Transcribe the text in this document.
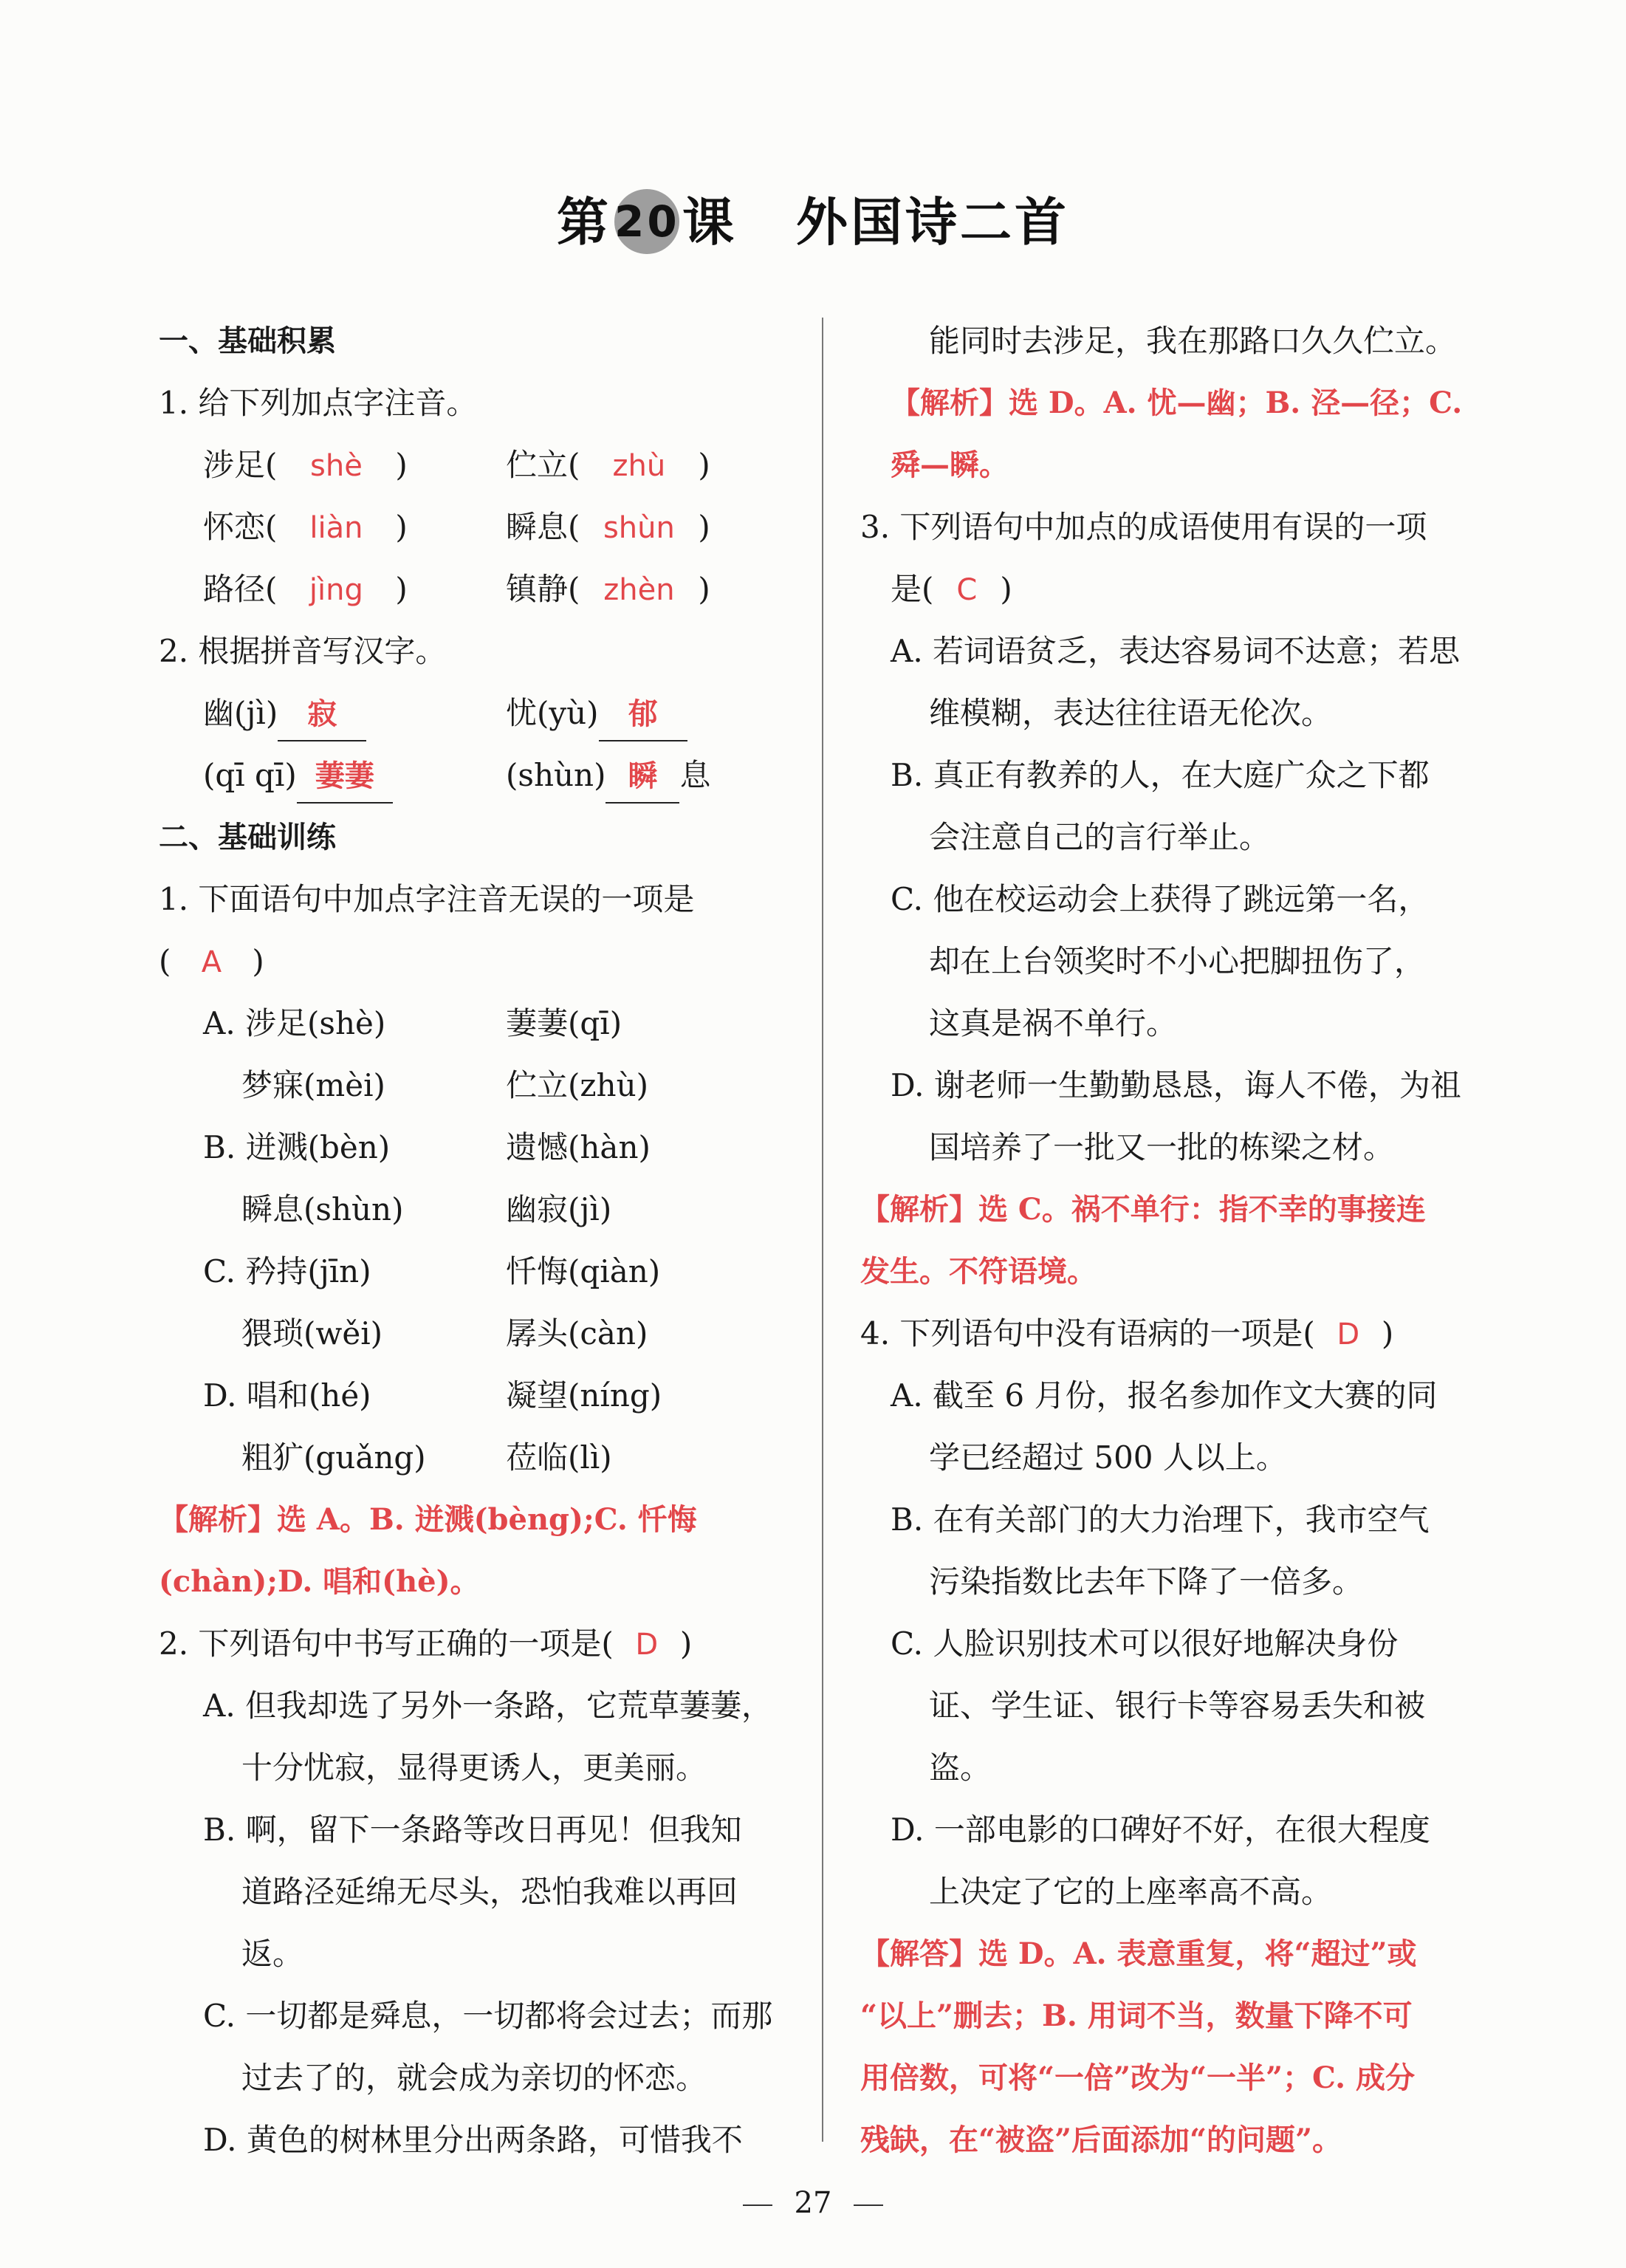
第20课 外国诗二首
一、基础积累
1. 给下列加点字注音。
涉足( shè )	伫立( zhù )
怀恋( liàn )	瞬息( shùn )
路径( jìng )	镇静( zhèn )
2. 根据拼音写汉字。
幽(jì) 寂	忧(yù) 郁
(qī qī) 萋萋	(shùn) 瞬 息
二、基础训练
1. 下面语句中加点字注音无误的一项是
( A )
A. 涉足(shè)	萋萋(qī)
梦寐(mèi)	伫立(zhù)
B. 迸溅(bèn)	遗憾(hàn)
瞬息(shùn)	幽寂(jì)
C. 矜持(jīn)	忏悔(qiàn)
猥琐(wěi)	孱头(càn)
D. 唱和(hé)	凝望(níng)
粗犷(guǎng)	莅临(lì)
【解析】选 A。B. 迸溅(bèng);C. 忏悔
(chàn);D. 唱和(hè)。
2. 下列语句中书写正确的一项是( D )
A. 但我却选了另外一条路，它荒草萋萋，
十分忧寂，显得更诱人，更美丽。
B. 啊，留下一条路等改日再见！但我知
道路泾延绵无尽头，恐怕我难以再回
返。
C. 一切都是舜息，一切都将会过去；而那
过去了的，就会成为亲切的怀恋。
D. 黄色的树林里分出两条路，可惜我不
能同时去涉足，我在那路口久久伫立。
【解析】选 D。A. 忧—幽；B. 泾—径；C.
舜—瞬。
3. 下列语句中加点的成语使用有误的一项
是( C )
A. 若词语贫乏，表达容易词不达意；若思
维模糊，表达往往语无伦次。
B. 真正有教养的人，在大庭广众之下都
会注意自己的言行举止。
C. 他在校运动会上获得了跳远第一名，
却在上台领奖时不小心把脚扭伤了，
这真是祸不单行。
D. 谢老师一生勤勤恳恳，诲人不倦，为祖
国培养了一批又一批的栋梁之材。
【解析】选 C。祸不单行：指不幸的事接连
发生。不符语境。
4. 下列语句中没有语病的一项是( D )
A. 截至 6 月份，报名参加作文大赛的同
学已经超过 500 人以上。
B. 在有关部门的大力治理下，我市空气
污染指数比去年下降了一倍多。
C. 人脸识别技术可以很好地解决身份
证、学生证、银行卡等容易丢失和被
盗。
D. 一部电影的口碑好不好，在很大程度
上决定了它的上座率高不高。
【解答】选 D。A. 表意重复，将“超过”或
“以上”删去；B. 用词不当，数量下降不可
用倍数，可将“一倍”改为“一半”；C. 成分
残缺，在“被盗”后面添加“的问题”。
27
